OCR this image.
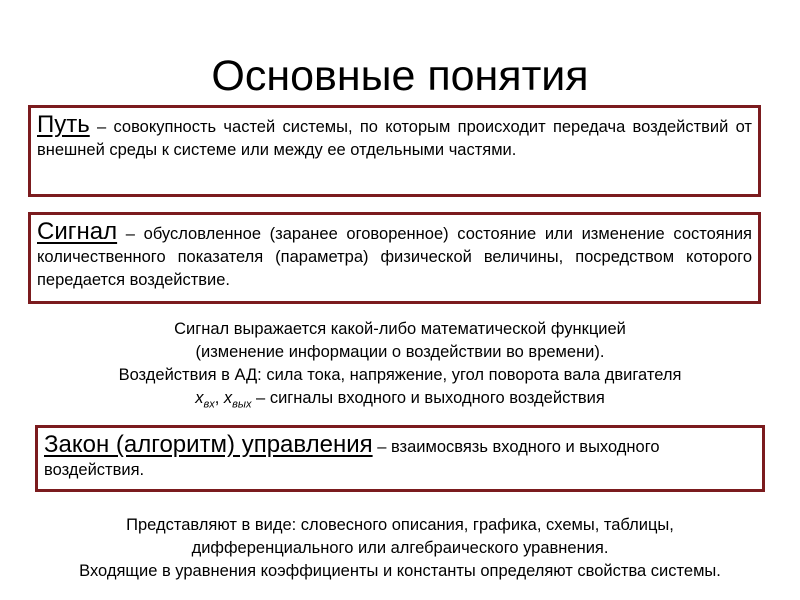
Основные понятия
Путь – совокупность частей системы, по которым происходит передача воздействий от внешней среды к системе или между ее отдельными частями.
Сигнал – обусловленное (заранее оговоренное) состояние или изменение состояния количественного показателя (параметра) физической величины, посредством которого передается воздействие.
Сигнал выражается какой-либо математической функцией
(изменение информации о воздействии во времени).
Воздействия в АД: сила тока, напряжение, угол поворота вала двигателя
$x_{вх}$, $x_{вых}$ – сигналы входного и выходного воздействия
Закон (алгоритм) управления – взаимосвязь входного и выходного воздействия.
Представляют в виде: словесного описания, графика, схемы, таблицы,
дифференциального или алгебраического уравнения.
Входящие в уравнения коэффициенты и константы определяют свойства системы.
